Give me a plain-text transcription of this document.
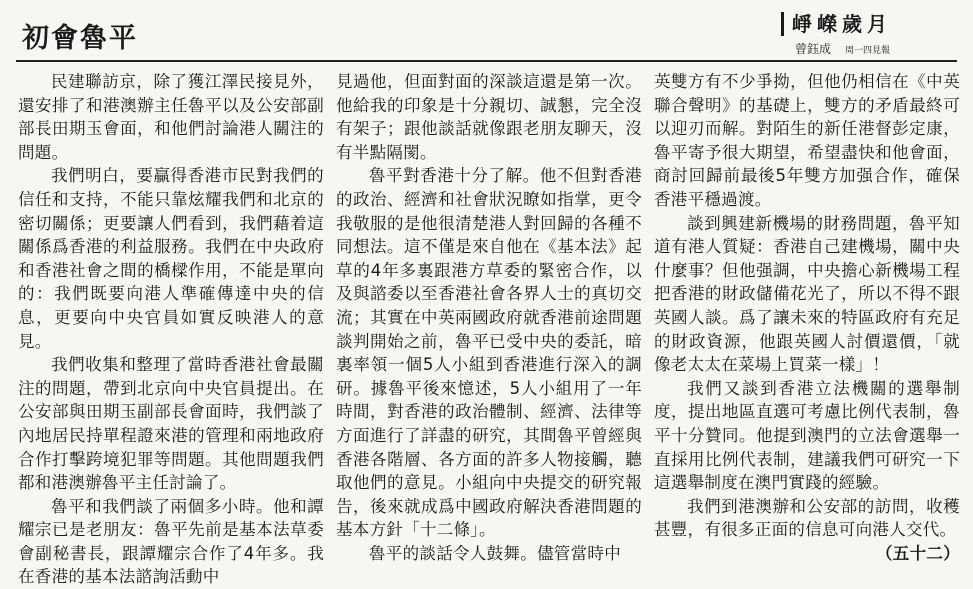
初會魯平	崢嶸歲月
曾鈺成 周一四見報

民建聯訪京，除了獲江澤民接見外，還安排了和港澳辦主任魯平以及公安部副部長田期玉會面，和他們討論港人關注的問題。

我們明白，要贏得香港市民對我們的信任和支持，不能只靠炫耀我們和北京的密切關係；更要讓人們看到，我們藉着這關係爲香港的利益服務。我們在中央政府和香港社會之間的橋樑作用，不能是單向的：我們既要向港人準確傳達中央的信息，更要向中央官員如實反映港人的意見。

我們收集和整理了當時香港社會最關注的問題，帶到北京向中央官員提出。在公安部與田期玉副部長會面時，我們談了內地居民持單程證來港的管理和兩地政府合作打擊跨境犯罪等問題。其他問題我們都和港澳辦魯平主任討論了。

魯平和我們談了兩個多小時。他和譚耀宗已是老朋友：魯平先前是基本法草委會副秘書長，跟譚耀宗合作了4年多。我在香港的基本法諮詢活動中

見過他，但面對面的深談這還是第一次。他給我的印象是十分親切、誠懇，完全沒有架子；跟他談話就像跟老朋友聊天，沒有半點隔閡。

魯平對香港十分了解。他不但對香港的政治、經濟和社會狀況瞭如指掌，更令我敬服的是他很清楚港人對回歸的各種不同想法。這不僅是來自他在《基本法》起草的4年多裏跟港方草委的緊密合作，以及與諮委以至香港社會各界人士的真切交流；其實在中英兩國政府就香港前途問題談判開始之前，魯平已受中央的委託，暗裏率領一個5人小組到香港進行深入的調研。據魯平後來憶述，5人小組用了一年時間，對香港的政治體制、經濟、法律等方面進行了詳盡的研究，其間魯平曾經與香港各階層、各方面的許多人物接觸，聽取他們的意見。小組向中央提交的研究報告，後來就成爲中國政府解決香港問題的基本方針「十二條」。

魯平的談話令人鼓舞。儘管當時中

英雙方有不少爭拗，但他仍相信在《中英聯合聲明》的基礎上，雙方的矛盾最終可以迎刃而解。對陌生的新任港督彭定康，魯平寄予很大期望，希望盡快和他會面，商討回歸前最後5年雙方加强合作，確保香港平穩過渡。

談到興建新機場的財務問題，魯平知道有港人質疑：香港自己建機場，關中央什麼事？但他强調，中央擔心新機場工程把香港的財政儲備花光了，所以不得不跟英國人談。爲了讓未來的特區政府有充足的財政資源，他跟英國人討價還價，「就像老太太在菜場上買菜一樣」！

我們又談到香港立法機關的選舉制度，提出地區直選可考慮比例代表制，魯平十分贊同。他提到澳門的立法會選舉一直採用比例代表制，建議我們可研究一下這選舉制度在澳門實踐的經驗。

我們到港澳辦和公安部的訪問，收穫甚豐，有很多正面的信息可向港人交代。
（五十二）
